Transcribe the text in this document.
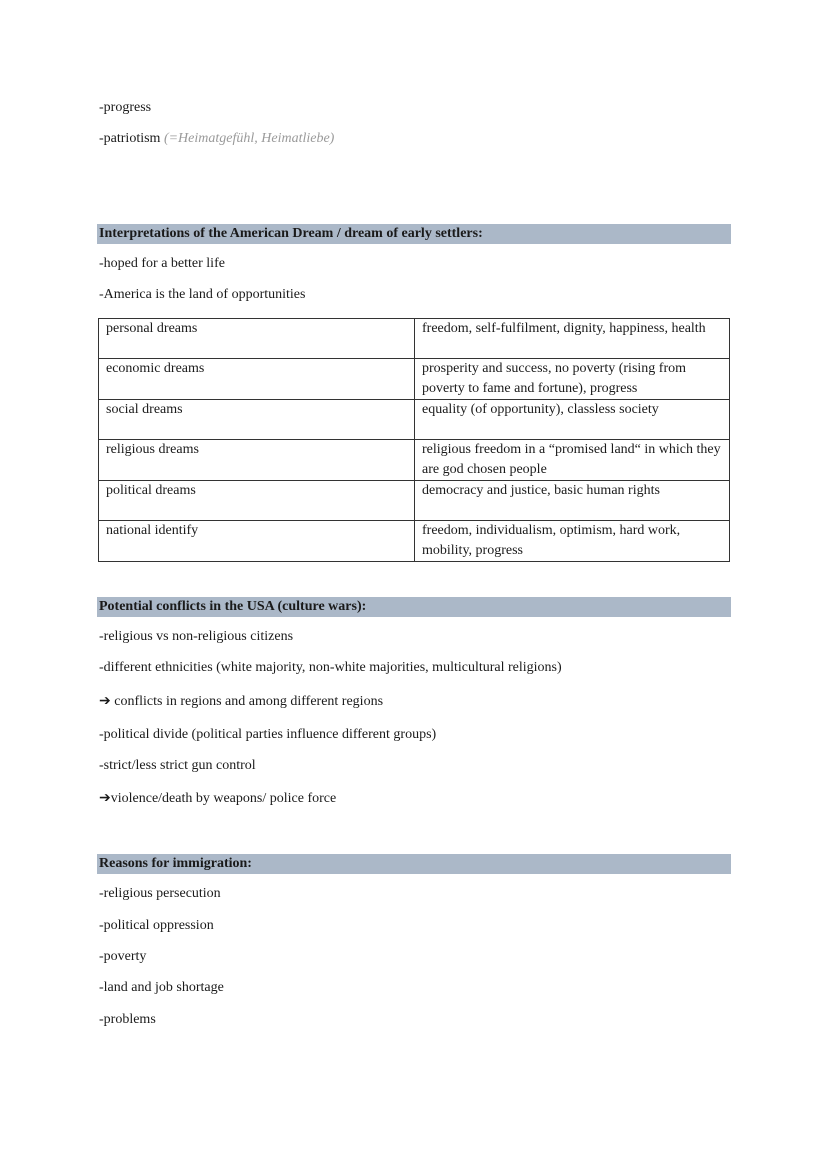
-progress
-patriotism (=Heimatgefühl, Heimatliebe)
Interpretations of the American Dream / dream of early settlers:
-hoped for a better life
-America is the land of opportunities
personal dreams	freedom, self-fulfilment, dignity, happiness, health
economic dreams	prosperity and success, no poverty (rising from poverty to fame and fortune), progress
social dreams	equality (of opportunity), classless society
religious dreams	religious freedom in a “promised land“ in which they are god chosen people
political dreams	democracy and justice, basic human rights
national identify	freedom, individualism, optimism, hard work, mobility, progress
Potential conflicts in the USA (culture wars):
-religious vs non-religious citizens
-different ethnicities (white majority, non-white majorities, multicultural religions)
➔ conflicts in regions and among different regions
-political divide (political parties influence different groups)
-strict/less strict gun control
➔violence/death by weapons/ police force
Reasons for immigration:
-religious persecution
-political oppression
-poverty
-land and job shortage
-problems
